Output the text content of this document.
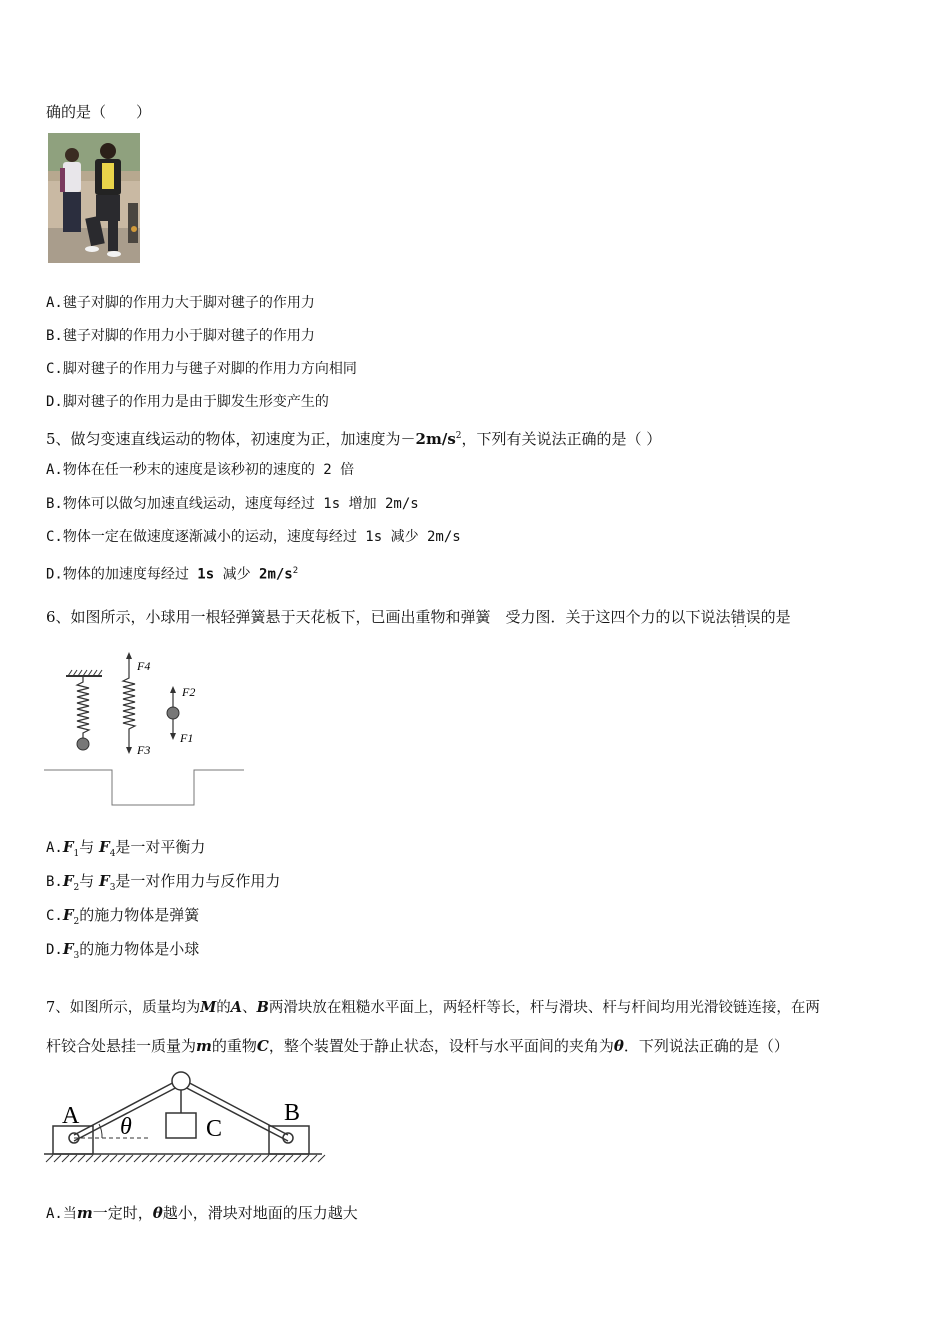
确的是（　　）
A.毽子对脚的作用力大于脚对毽子的作用力
B.毽子对脚的作用力小于脚对毽子的作用力
C.脚对毽子的作用力与毽子对脚的作用力方向相同
D.脚对毽子的作用力是由于脚发生形变产生的
5、做匀变速直线运动的物体，初速度为正，加速度为$-2m/s^2$，下列有关说法正确的是（ ）
A.物体在任一秒末的速度是该秒初的速度的 2 倍
B.物体可以做匀加速直线运动，速度每经过 1s 增加 2m/s
C.物体一定在做速度逐渐减小的运动，速度每经过 1s 减少 2m/s
D.物体的加速度每经过 1s 减少 $2m/s^2$
6、如图所示，小球用一根轻弹簧悬于天花板下，已画出重物和弹簧　受力图．关于这四个力的以下说法错误 · ·的是
F4
F3
F2
F1
$A.F_1$与 $F_4$是一对平衡力
$B.F_2$与 $F_3$是一对作用力与反作用力
$C.F_2$的施力物体是弹簧
$D.F_3$的施力物体是小球
7、如图所示，质量均为M的A、B两滑块放在粗糙水平面上，两轻杆等长，杆与滑块、杆与杆间均用光滑铰链连接，在两
杆铰合处悬挂一质量为m的重物C，整个装置处于静止状态，设杆与水平面间的夹角为θ．下列说法正确的是（）
A	B
C
θ
A.当m一定时，θ越小，滑块对地面的压力越大
